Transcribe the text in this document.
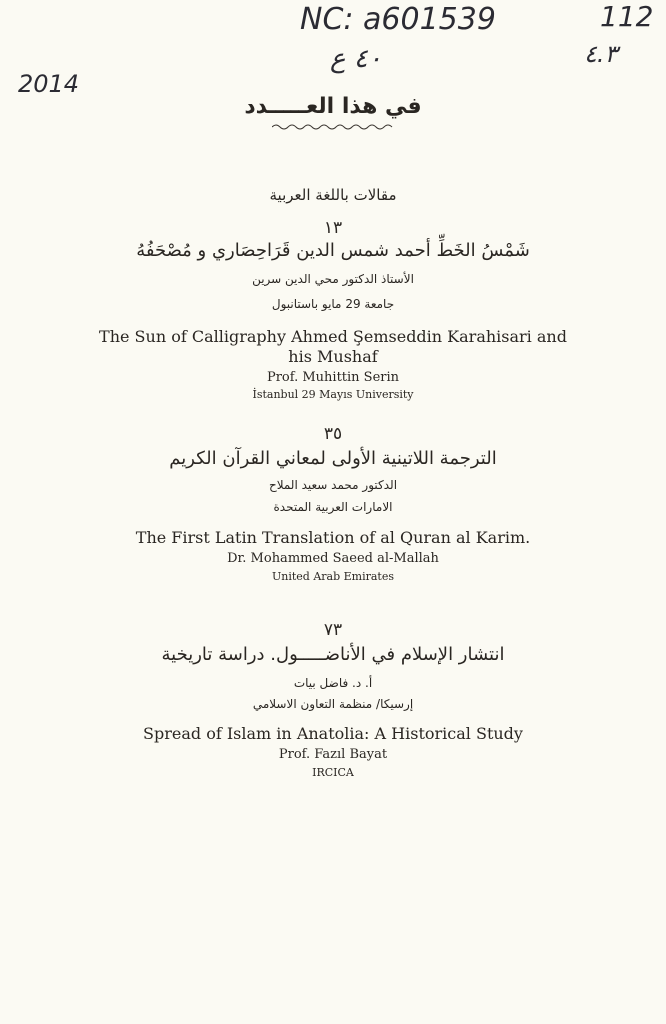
NC: a601539
٤٠ ع
2014
112
٤.٣
في هذا العـــــدد
مقالات باللغة العربية
١٣
شَمْسُ الخَطِّ أحمد شمس الدين قَرَاحِصَاري و مُصْحَفُهُ
الأستاذ الدكتور محي الدين سرين
جامعة 29 مايو باستانبول
The Sun of Calligraphy Ahmed Şemseddin Karahisari and
his Mushaf
Prof. Muhittin Serin
İstanbul 29 Mayıs University
٣٥
الترجمة اللاتينية الأولى لمعاني القرآن الكريم
الدكتور محمد سعيد الملاح
الامارات العربية المتحدة
The First Latin Translation of al Quran al Karim.
Dr. Mohammed Saeed al-Mallah
United Arab Emirates
٧٣
انتشار الإسلام في الأناضـــــول. دراسة تاريخية
أ. د. فاضل بيات
إرسيكا/ منظمة التعاون الاسلامي
Spread of Islam in Anatolia: A Historical Study
Prof. Fazıl Bayat
IRCICA
